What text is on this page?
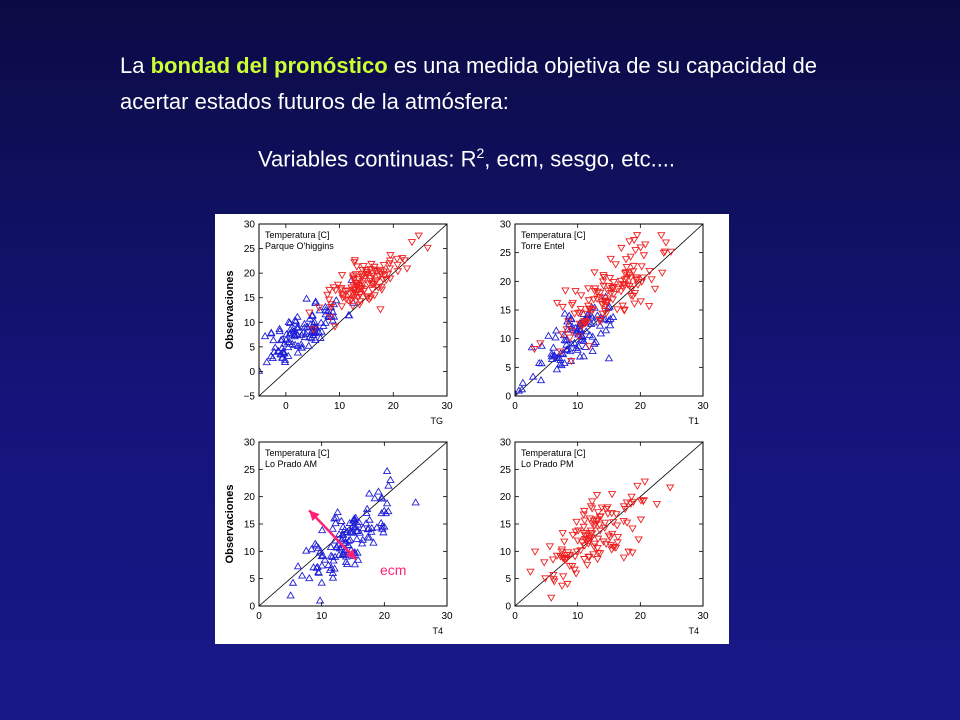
La bondad del pronóstico es una medida objetiva de su capacidad de acertar estados futuros de la atmósfera:

Variables continuas: $R^2$, ecm, sesgo, etc....

0	10	20	30
−5
0
5
10
15
20
25
30
TG
Observaciones
Temperatura [C]
Parque O'higgins
0	10	20	30
0
5
10
15
20
25
30
T1
Temperatura [C]
Torre Entel
0	10	20	30
0
5
10
15
20
25
30
T4
Observaciones
Temperatura [C]
Lo Prado AM
0	10	20	30
0
5
10
15
20
25
30
T4
Temperatura [C]
Lo Prado PM

ecm
